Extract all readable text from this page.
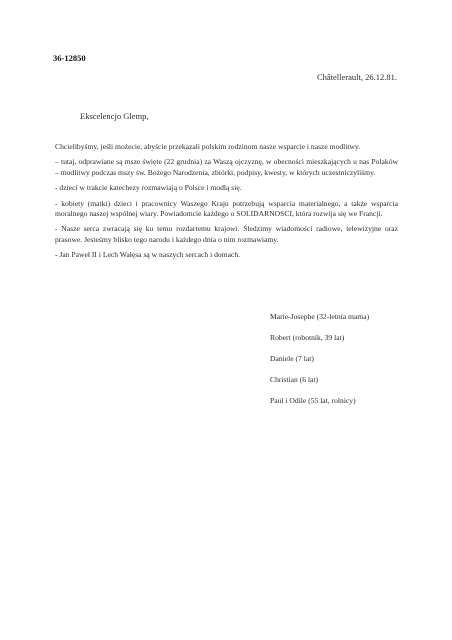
36-12850
Châtellerault, 26.12.81.
Ekscelencjo Glemp,

Chcielibyśmy, jeśli możecie, abyście przekazali polskim rodzinom nasze wsparcie i nasze modlitwy.

– tutaj, odprawiane są msze święte (22 grudnia) za Waszą ojczyznę, w obecności mieszkających u nas Polaków – modlitwy podczas mszy św. Bożego Narodzenia, zbiórki, podpisy, kwesty, w których uczestniczyliśmy.

- dzieci w trakcie katechezy rozmawiają o Polsce i modlą się.

- kobiety (matki) dzieci i pracownicy Waszego Kraju potrzebują wsparcia materialnego, a także wsparcia moralnego naszej wspólnej wiary. Powiadomcie każdego o SOLIDARNOSCI, która rozwija się we Francji.

- Nasze serca zwracają się ku temu rozdartemu krajowi. Śledzimy wiadomości radiowe, telewizyjne oraz prasowe. Jesteśmy blisko tego narodu i każdego dnia o nim rozmawiamy.

- Jan Paweł II i Lech Wałęsa są w naszych sercach i domach.

Marie-Josephe (32-letnia mama)
Robert (robotnik, 39 lat)
Daniele (7 lat)
Christian (6 lat)
Paul i Odile (55 lat, rolnicy)
